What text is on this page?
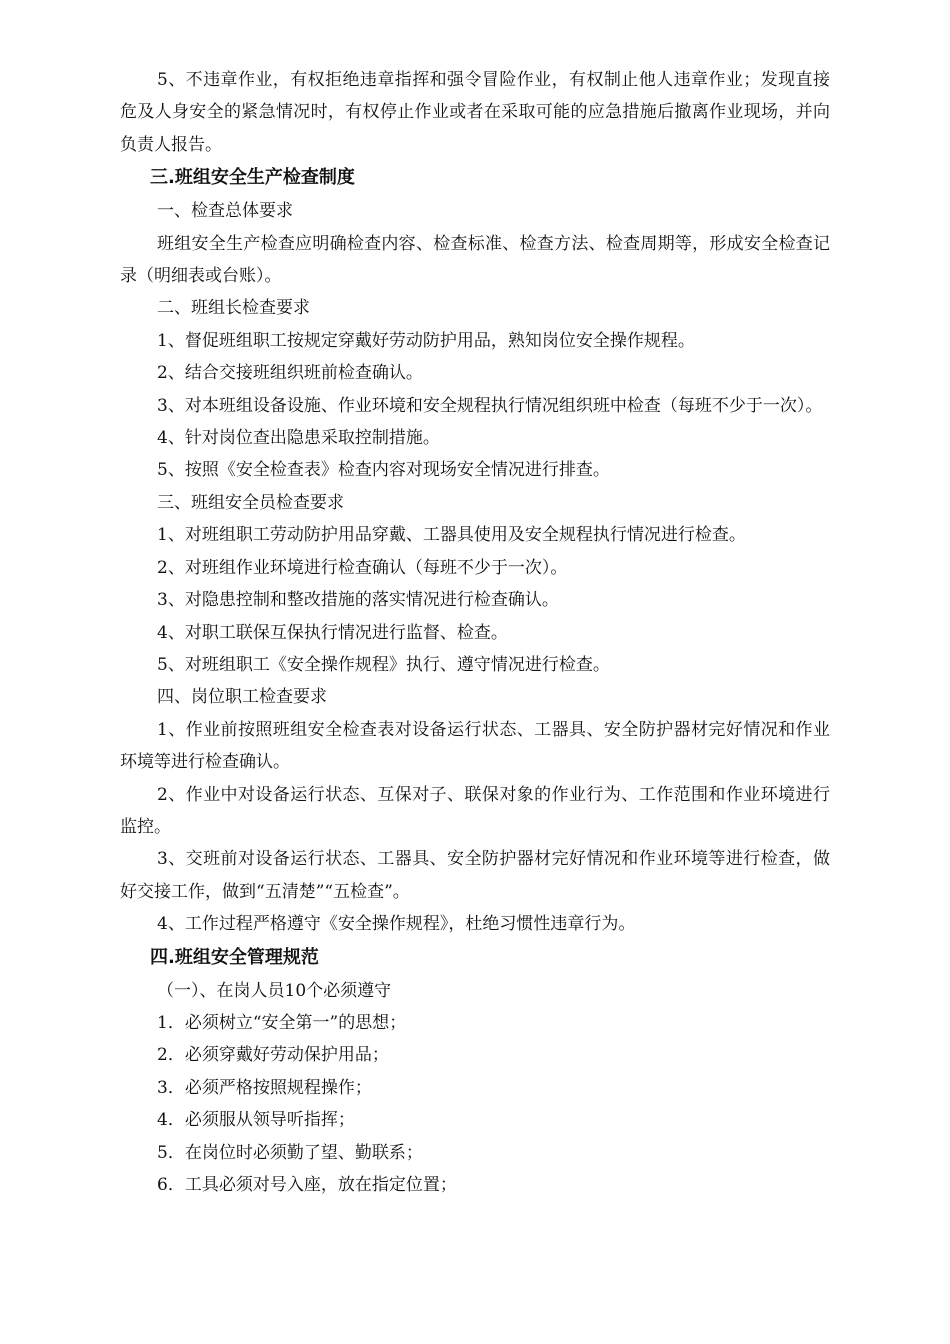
5、不违章作业，有权拒绝违章指挥和强令冒险作业，有权制止他人违章作业；发现直接危及人身安全的紧急情况时，有权停止作业或者在采取可能的应急措施后撤离作业现场，并向负责人报告。

三.班组安全生产检查制度

一、检查总体要求

班组安全生产检查应明确检查内容、检查标准、检查方法、检查周期等，形成安全检查记录（明细表或台账）。

二、班组长检查要求

1、督促班组职工按规定穿戴好劳动防护用品，熟知岗位安全操作规程。

2、结合交接班组织班前检查确认。

3、对本班组设备设施、作业环境和安全规程执行情况组织班中检查（每班不少于一次）。

4、针对岗位查出隐患采取控制措施。

5、按照《安全检查表》检查内容对现场安全情况进行排查。

三、班组安全员检查要求

1、对班组职工劳动防护用品穿戴、工器具使用及安全规程执行情况进行检查。

2、对班组作业环境进行检查确认（每班不少于一次）。

3、对隐患控制和整改措施的落实情况进行检查确认。

4、对职工联保互保执行情况进行监督、检查。

5、对班组职工《安全操作规程》执行、遵守情况进行检查。

四、岗位职工检查要求

1、作业前按照班组安全检查表对设备运行状态、工器具、安全防护器材完好情况和作业环境等进行检查确认。

2、作业中对设备运行状态、互保对子、联保对象的作业行为、工作范围和作业环境进行监控。

3、交班前对设备运行状态、工器具、安全防护器材完好情况和作业环境等进行检查，做好交接工作，做到“五清楚”“五检查”。

4、工作过程严格遵守《安全操作规程》，杜绝习惯性违章行为。

四.班组安全管理规范

（一）、在岗人员10个必须遵守

1．必须树立“安全第一”的思想；

2．必须穿戴好劳动保护用品；

3．必须严格按照规程操作；

4．必须服从领导听指挥；

5．在岗位时必须勤了望、勤联系；

6．工具必须对号入座，放在指定位置；
